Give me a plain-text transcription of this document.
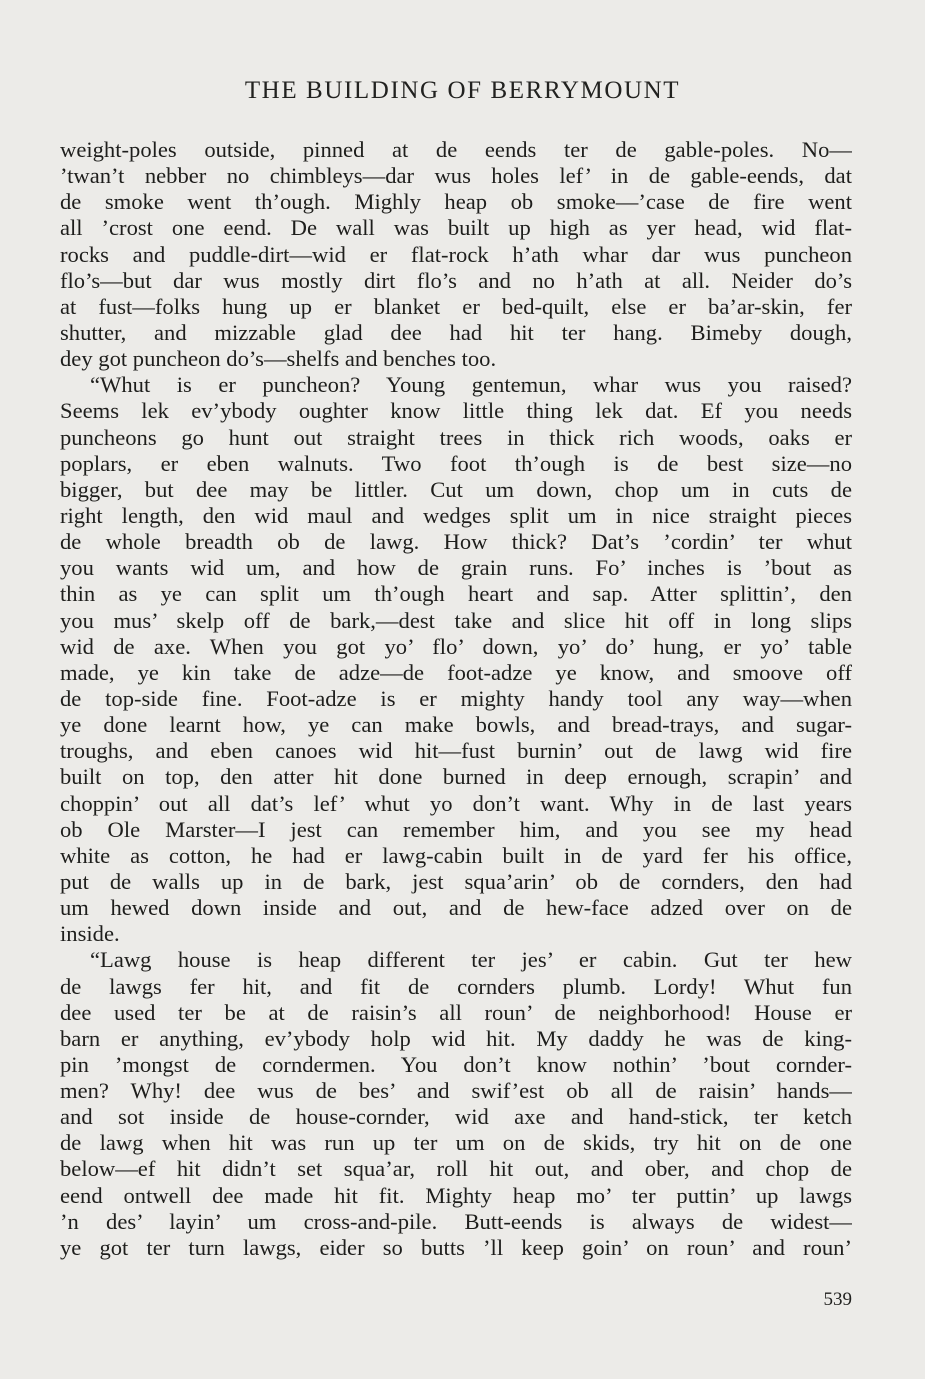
THE BUILDING OF BERRYMOUNT
weight-poles outside, pinned at de eends ter de gable-poles. No—
’twan’t nebber no chimbleys—dar wus holes lef’ in de gable-eends, dat
de smoke went th’ough. Mighly heap ob smoke—’case de fire went
all ’crost one eend. De wall was built up high as yer head, wid flat-
rocks and puddle-dirt—wid er flat-rock h’ath whar dar wus puncheon
flo’s—but dar wus mostly dirt flo’s and no h’ath at all. Neider do’s
at fust—folks hung up er blanket er bed-quilt, else er ba’ar-skin, fer
shutter, and mizzable glad dee had hit ter hang. Bimeby dough,
dey got puncheon do’s—shelfs and benches too.
“Whut is er puncheon? Young gentemun, whar wus you raised?
Seems lek ev’ybody oughter know little thing lek dat. Ef you needs
puncheons go hunt out straight trees in thick rich woods, oaks er
poplars, er eben walnuts. Two foot th’ough is de best size—no
bigger, but dee may be littler. Cut um down, chop um in cuts de
right length, den wid maul and wedges split um in nice straight pieces
de whole breadth ob de lawg. How thick? Dat’s ’cordin’ ter whut
you wants wid um, and how de grain runs. Fo’ inches is ’bout as
thin as ye can split um th’ough heart and sap. Atter splittin’, den
you mus’ skelp off de bark,—dest take and slice hit off in long slips
wid de axe. When you got yo’ flo’ down, yo’ do’ hung, er yo’ table
made, ye kin take de adze—de foot-adze ye know, and smoove off
de top-side fine. Foot-adze is er mighty handy tool any way—when
ye done learnt how, ye can make bowls, and bread-trays, and sugar-
troughs, and eben canoes wid hit—fust burnin’ out de lawg wid fire
built on top, den atter hit done burned in deep ernough, scrapin’ and
choppin’ out all dat’s lef’ whut yo don’t want. Why in de last years
ob Ole Marster—I jest can remember him, and you see my head
white as cotton, he had er lawg-cabin built in de yard fer his office,
put de walls up in de bark, jest squa’arin’ ob de cornders, den had
um hewed down inside and out, and de hew-face adzed over on de
inside.
“Lawg house is heap different ter jes’ er cabin. Gut ter hew
de lawgs fer hit, and fit de cornders plumb. Lordy! Whut fun
dee used ter be at de raisin’s all roun’ de neighborhood! House er
barn er anything, ev’ybody holp wid hit. My daddy he was de king-
pin ’mongst de corndermen. You don’t know nothin’ ’bout cornder-
men? Why! dee wus de bes’ and swif’est ob all de raisin’ hands—
and sot inside de house-cornder, wid axe and hand-stick, ter ketch
de lawg when hit was run up ter um on de skids, try hit on de one
below—ef hit didn’t set squa’ar, roll hit out, and ober, and chop de
eend ontwell dee made hit fit. Mighty heap mo’ ter puttin’ up lawgs
’n des’ layin’ um cross-and-pile. Butt-eends is always de widest—
ye got ter turn lawgs, eider so butts ’ll keep goin’ on roun’ and roun’
539
